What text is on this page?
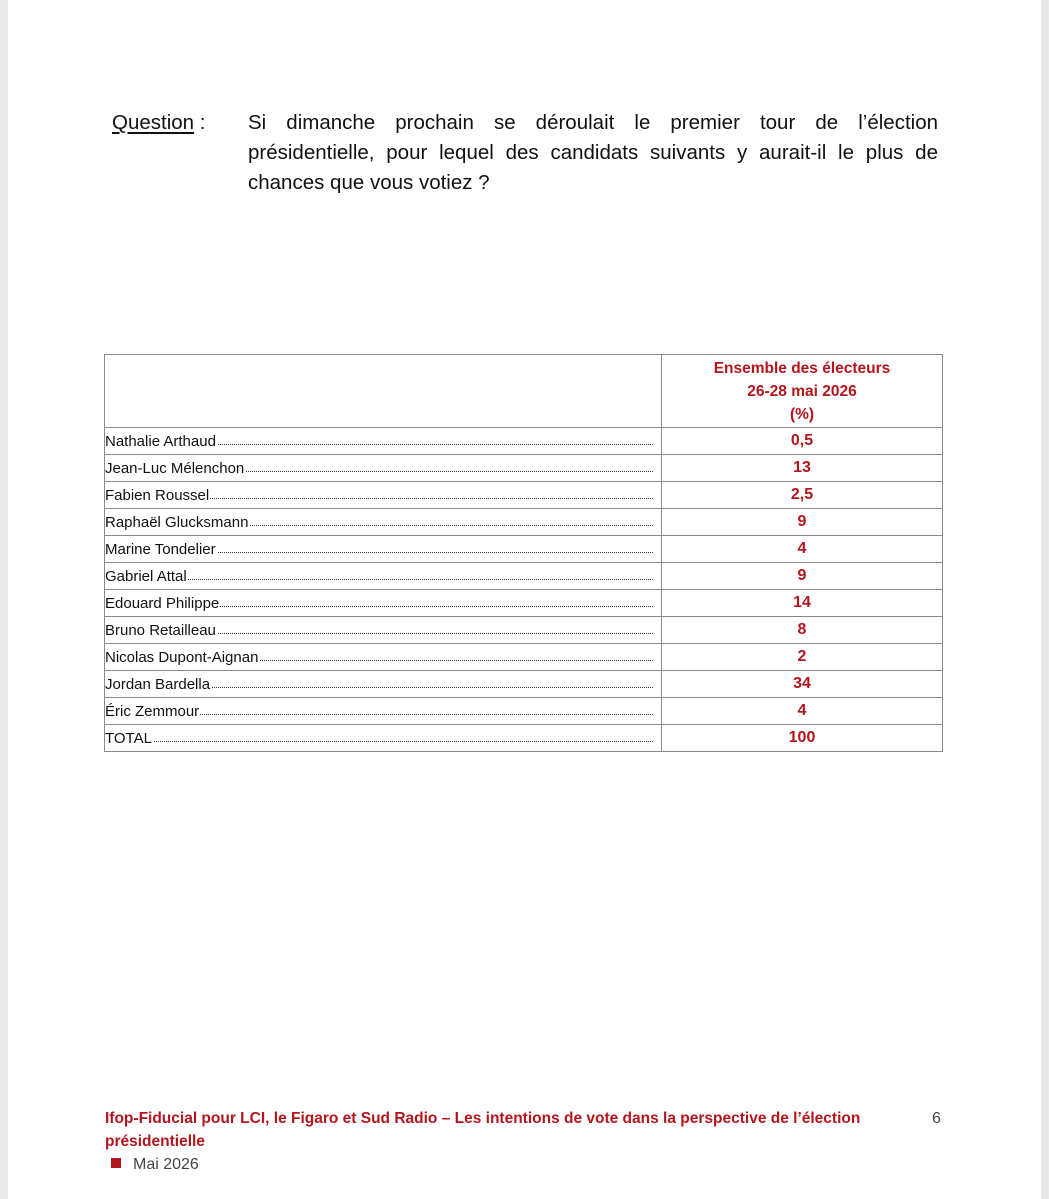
Question :	Si dimanche prochain se déroulait le premier tour de l’élection présidentielle, pour lequel des candidats suivants y aurait-il le plus de chances que vous votiez ?

	Ensemble des électeurs
26-28 mai 2026
(%)

Nathalie Arthaud	0,5

Jean-Luc Mélenchon	13

Fabien Roussel	2,5

Raphaël Glucksmann	9

Marine Tondelier	4

Gabriel Attal	9

Edouard Philippe	14

Bruno Retailleau	8

Nicolas Dupont-Aignan	2

Jordan Bardella	34

Éric Zemmour	4

TOTAL	100
Ifop-Fiducial pour LCI, le Figaro et Sud Radio – Les intentions de vote dans la perspective de l’élection présidentielle
6
Mai 2026
